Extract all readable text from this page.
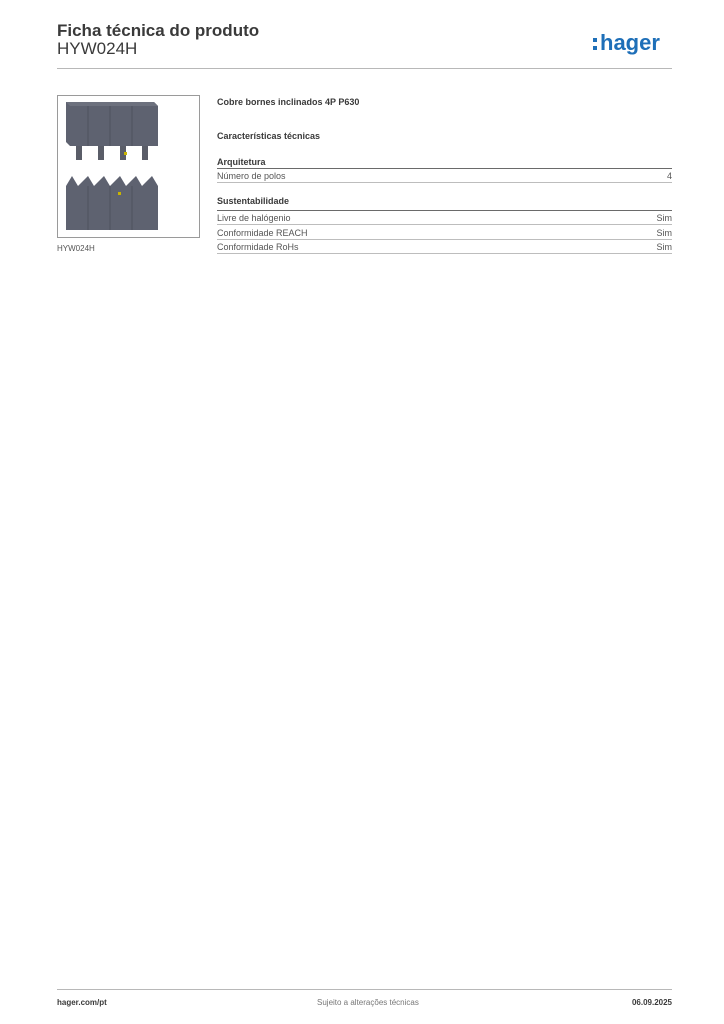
Ficha técnica do produto
HYW024H	hager
HYW024H
Cobre bornes inclinados 4P P630
Características técnicas
Arquitetura
Número de polos	4
Sustentabilidade
Livre de halógenio	Sim
Conformidade REACH	Sim
Conformidade RoHs	Sim
hager.com/pt	Sujeito a alterações técnicas	06.09.2025
